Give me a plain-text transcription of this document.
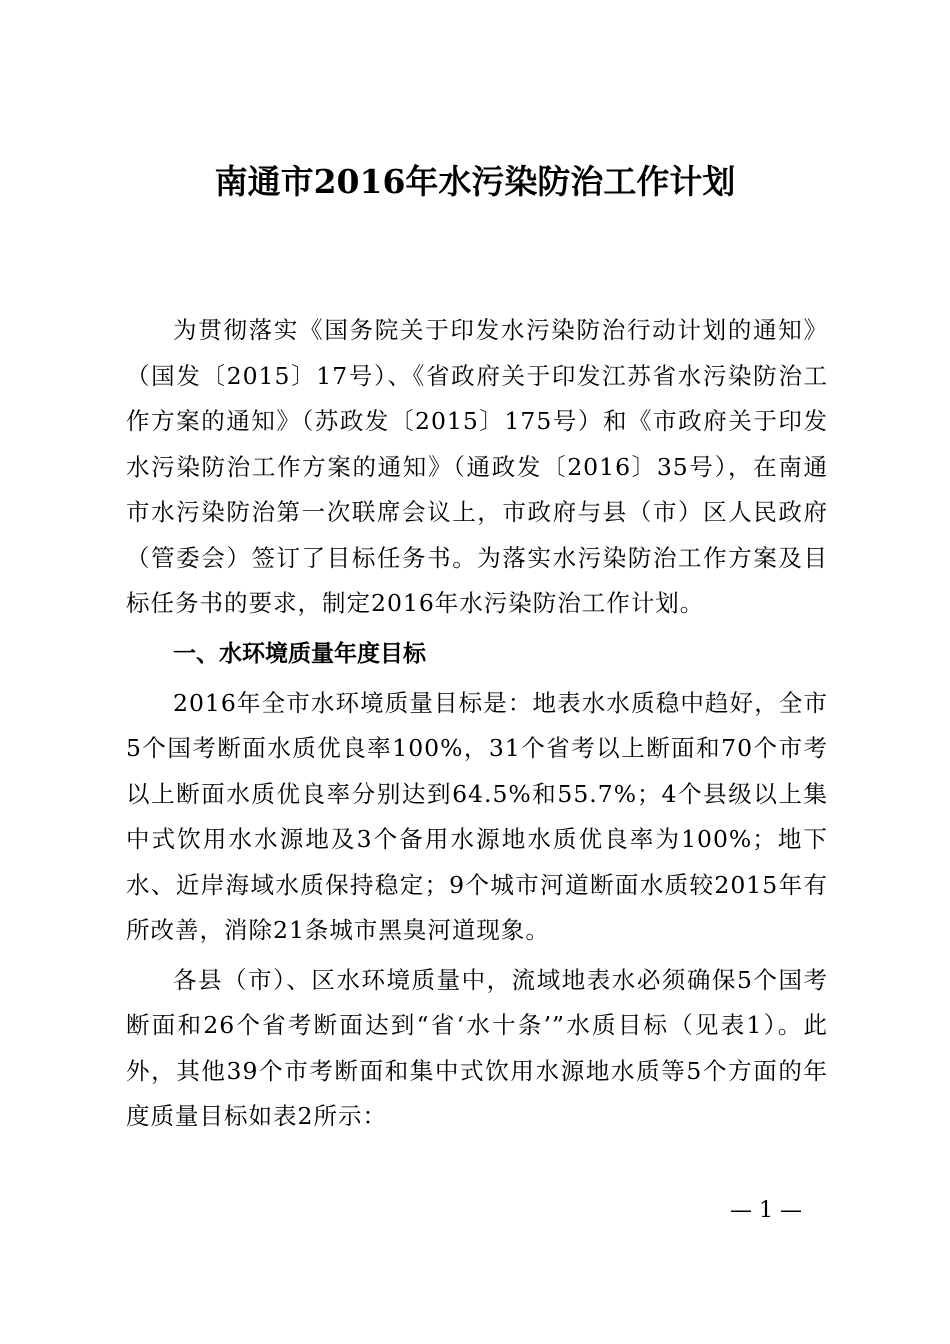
南通市2016年水污染防治工作计划

为贯彻落实《国务院关于印发水污染防治行动计划的通知》（国发〔2015〕17号）、《省政府关于印发江苏省水污染防治工作方案的通知》（苏政发〔2015〕175号）和《市政府关于印发水污染防治工作方案的通知》（通政发〔2016〕35号），在南通市水污染防治第一次联席会议上，市政府与县（市）区人民政府（管委会）签订了目标任务书。为落实水污染防治工作方案及目标任务书的要求，制定2016年水污染防治工作计划。

一、水环境质量年度目标

2016年全市水环境质量目标是：地表水水质稳中趋好，全市5个国考断面水质优良率100%，31个省考以上断面和70个市考以上断面水质优良率分别达到64.5%和55.7%；4个县级以上集中式饮用水水源地及3个备用水源地水质优良率为100%；地下水、近岸海域水质保持稳定；9个城市河道断面水质较2015年有所改善，消除21条城市黑臭河道现象。

各县（市）、区水环境质量中，流域地表水必须确保5个国考断面和26个省考断面达到“省‘水十条’”水质目标（见表1）。此外，其他39个市考断面和集中式饮用水源地水质等5个方面的年度质量目标如表2所示：

— 1 —
